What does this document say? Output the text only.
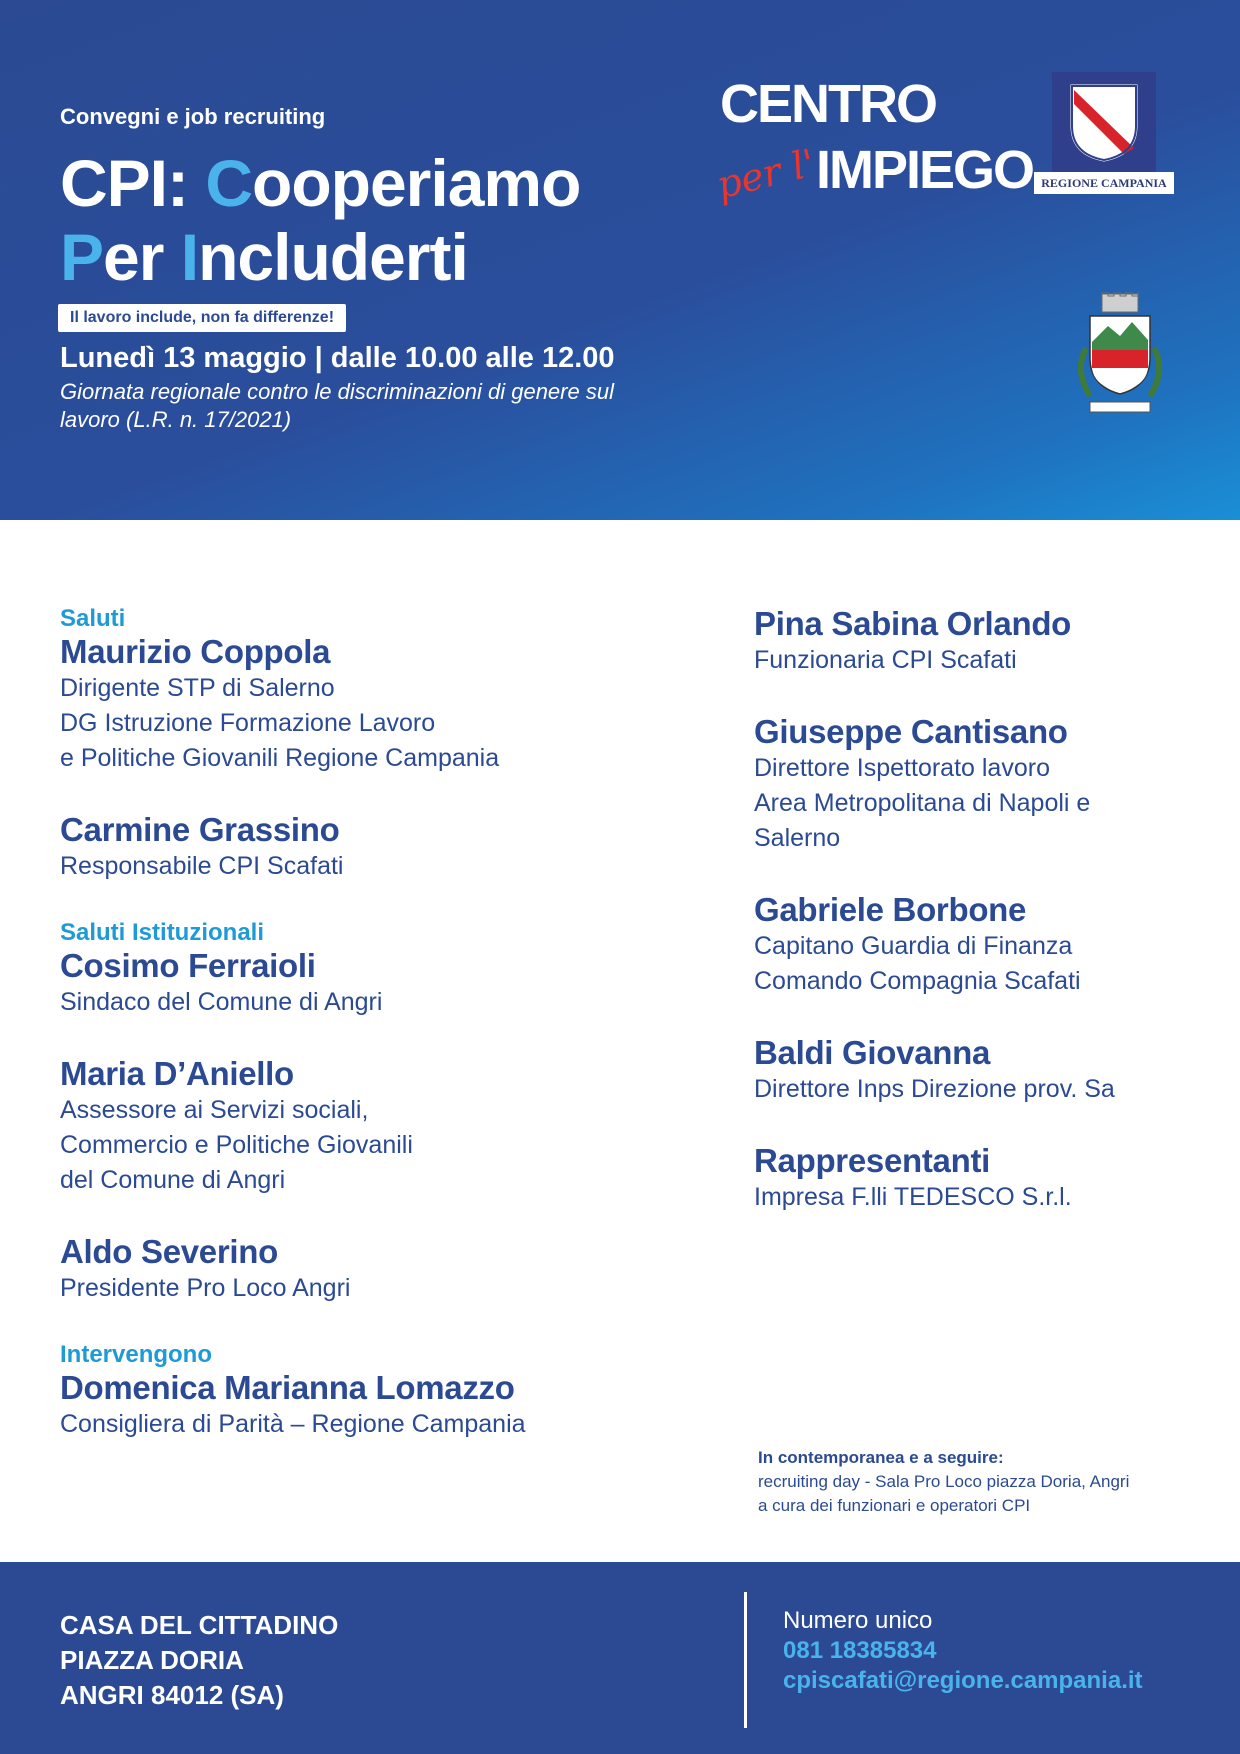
Convegni e job recruiting
CPI: Cooperiamo
Per Includerti
Il lavoro include, non fa differenze!
Lunedì 13 maggio | dalle 10.00 alle 12.00
Giornata regionale contro le discriminazioni di genere sul lavoro (L.R. n. 17/2021)
CENTRO
per l'
IMPIEGO REGIONE CAMPANIA
Saluti
Maurizio Coppola
Dirigente STP di Salerno
DG Istruzione Formazione Lavoro
e Politiche Giovanili Regione Campania
Carmine Grassino
Responsabile CPI Scafati
Saluti Istituzionali
Cosimo Ferraioli
Sindaco del Comune di Angri
Maria D’Aniello
Assessore ai Servizi sociali,
Commercio e Politiche Giovanili
del Comune di Angri
Aldo Severino
Presidente Pro Loco Angri
Intervengono
Domenica Marianna Lomazzo
Consigliera di Parità – Regione Campania
Pina Sabina Orlando
Funzionaria CPI Scafati
Giuseppe Cantisano
Direttore Ispettorato lavoro
Area Metropolitana di Napoli e
Salerno
Gabriele Borbone
Capitano Guardia di Finanza
Comando Compagnia Scafati
Baldi Giovanna
Direttore Inps Direzione prov. Sa
Rappresentanti
Impresa F.lli TEDESCO S.r.l.
In contemporanea e a seguire:
recruiting day - Sala Pro Loco piazza Doria, Angri
a cura dei funzionari e operatori CPI
CASA DEL CITTADINO
PIAZZA DORIA
ANGRI 84012 (SA)
Numero unico
081 18385834
cpiscafati@regione.campania.it
